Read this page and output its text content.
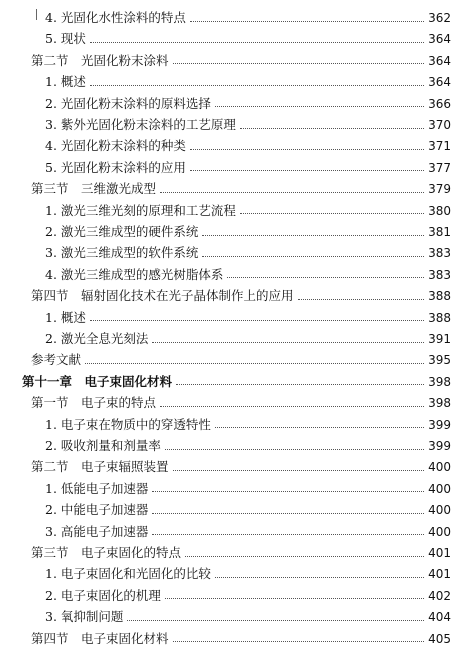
4. 光固化水性涂料的特点	362
5. 现状	364
第二节　光固化粉末涂料	364
1. 概述	364
2. 光固化粉末涂料的原料选择	366
3. 紫外光固化粉末涂料的工艺原理	370
4. 光固化粉末涂料的种类	371
5. 光固化粉末涂料的应用	377
第三节　三维激光成型	379
1. 激光三维光刻的原理和工艺流程	380
2. 激光三维成型的硬件系统	381
3. 激光三维成型的软件系统	383
4. 激光三维成型的感光树脂体系	383
第四节　辐射固化技术在光子晶体制作上的应用	388
1. 概述	388
2. 激光全息光刻法	391
参考文献	395
第十一章　电子束固化材料	398
第一节　电子束的特点	398
1. 电子束在物质中的穿透特性	399
2. 吸收剂量和剂量率	399
第二节　电子束辐照装置	400
1. 低能电子加速器	400
2. 中能电子加速器	400
3. 高能电子加速器	400
第三节　电子束固化的特点	401
1. 电子束固化和光固化的比较	401
2. 电子束固化的机理	402
3. 氧抑制问题	404
第四节　电子束固化材料	405
